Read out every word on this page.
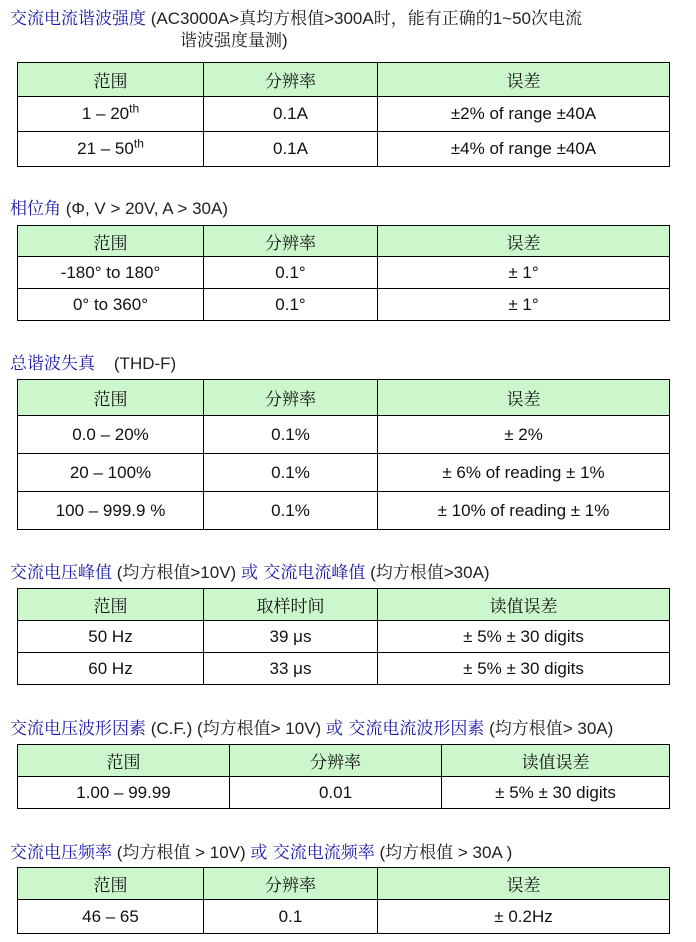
交流电流谐波强度 (AC3000A>真均方根值>300A时，能有正确的1~50次电流
谐波强度量测)
范围	分辨率	误差
1 – 20th	0.1A	±2% of range ±40A
21 – 50th	0.1A	±4% of range ±40A
相位角 (Φ, V > 20V, A > 30A)
范围	分辨率	误差
-180° to 180°	0.1°	± 1°
0° to 360°	0.1°	± 1°
总谐波失真    (THD-F)
范围	分辨率	误差
0.0 – 20%	0.1%	± 2%
20 – 100%	0.1%	± 6% of reading ± 1%
100 – 999.9 %	0.1%	± 10% of reading ± 1%
交流电压峰值 (均方根值>10V) 或 交流电流峰值 (均方根值>30A)
范围	取样时间	读值误差
50 Hz	39 μs	± 5% ± 30 digits
60 Hz	33 μs	± 5% ± 30 digits
交流电压波形因素 (C.F.) (均方根值> 10V) 或 交流电流波形因素 (均方根值> 30A)
范围	分辨率	读值误差
1.00 – 99.99	0.01	± 5% ± 30 digits
交流电压频率 (均方根值 > 10V) 或 交流电流频率 (均方根值 > 30A )
范围	分辨率	误差
46 – 65	0.1	± 0.2Hz
